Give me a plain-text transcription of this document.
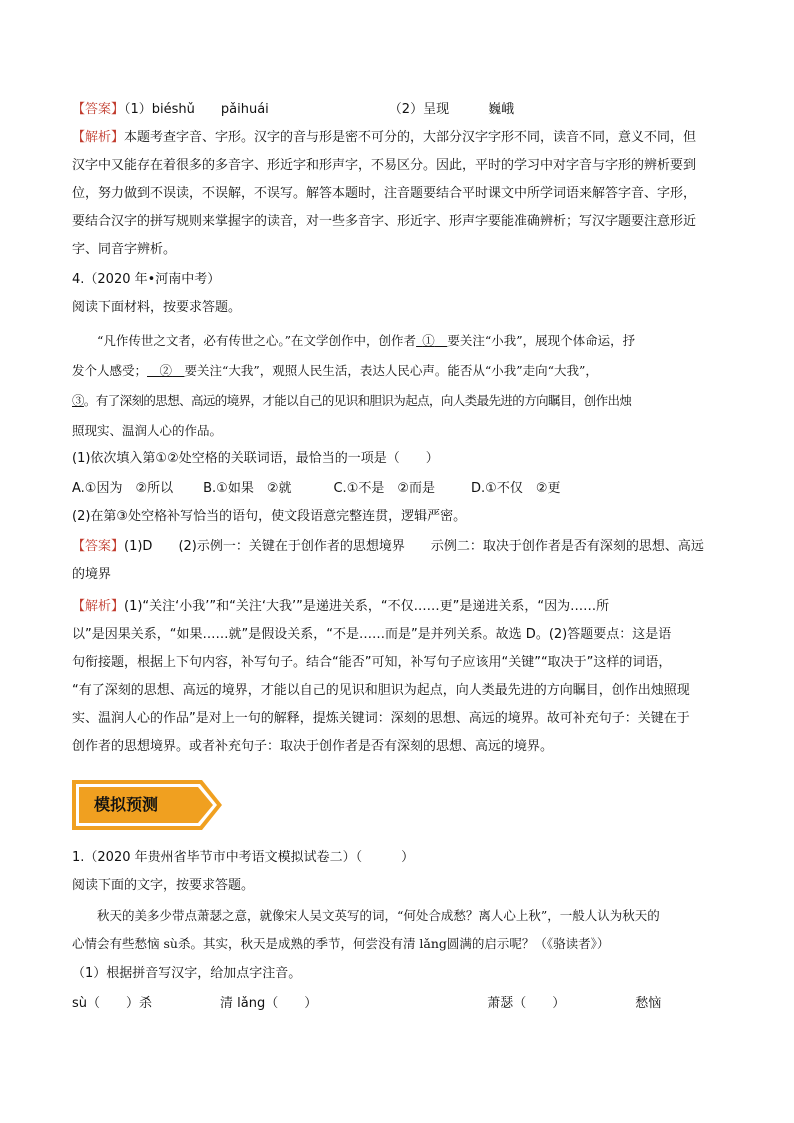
【答案】（1）biéshǔ　　pǎihuái	（2）呈现　　　巍峨
【解析】本题考查字音、字形。汉字的音与形是密不可分的，大部分汉字字形不同，读音不同，意义不同，但
汉字中又能存在着很多的多音字、形近字和形声字，不易区分。因此，平时的学习中对字音与字形的辨析要到
位，努力做到不误读，不误解，不误写。解答本题时，注音题要结合平时课文中所学词语来解答字音、字形，
要结合汉字的拼写规则来掌握字的读音，对一些多音字、形近字、形声字要能准确辨析；写汉字题要注意形近
字、同音字辨析。
4.（2020 年•河南中考）
阅读下面材料，按要求答题。
　　“凡作传世之文者，必有传世之心。”在文学创作中，创作者  ①   要关注“小我”，展现个体命运，抒
发个人感受；   ②   要关注“大我”，观照人民生活，表达人民心声。能否从“小我”走向“大我”，
③。有了深刻的思想、高远的境界，才能以自己的见识和胆识为起点，向人类最先进的方向瞩目，创作出烛
照现实、温润人心的作品。
(1)依次填入第①②处空格的关联词语，最恰当的一项是（　　）
A.①因为　②所以 B.①如果　②就	C.①不是　②而是	D.①不仅　②更
(2)在第③处空格补写恰当的语句，使文段语意完整连贯，逻辑严密。
【答案】(1)D　　(2)示例一：关键在于创作者的思想境界　　示例二：取决于创作者是否有深刻的思想、高远
的境界
【解析】(1)“关注‘小我’”和“关注‘大我’”是递进关系，“不仅……更”是递进关系，“因为……所
以”是因果关系，“如果……就”是假设关系，“不是……而是”是并列关系。故选 D。(2)答题要点：这是语
句衔接题，根据上下句内容，补写句子。结合“能否”可知，补写句子应该用“关键”“取决于”这样的词语，
“有了深刻的思想、高远的境界，才能以自己的见识和胆识为起点，向人类最先进的方向瞩目，创作出烛照现
实、温润人心的作品”是对上一句的解释，提炼关键词：深刻的思想、高远的境界。故可补充句子：关键在于
创作者的思想境界。或者补充句子：取决于创作者是否有深刻的思想、高远的境界。
模拟预测
1.（2020 年贵州省毕节市中考语文模拟试卷二）（　　　）
阅读下面的文字，按要求答题。
　　秋天的美多少带点萧瑟之意，就像宋人吴文英写的词，“何处合成愁？离人心上秋”，一般人认为秋天的
心情会有些愁恼 sù杀。其实，秋天是成熟的季节，何尝没有清 lǎng圆满的启示呢？（《骆读者》）
（1）根据拼音写汉字，给加点字注音。
sù（　　）杀	清 lǎng（　　）	萧瑟（　　）	愁恼
